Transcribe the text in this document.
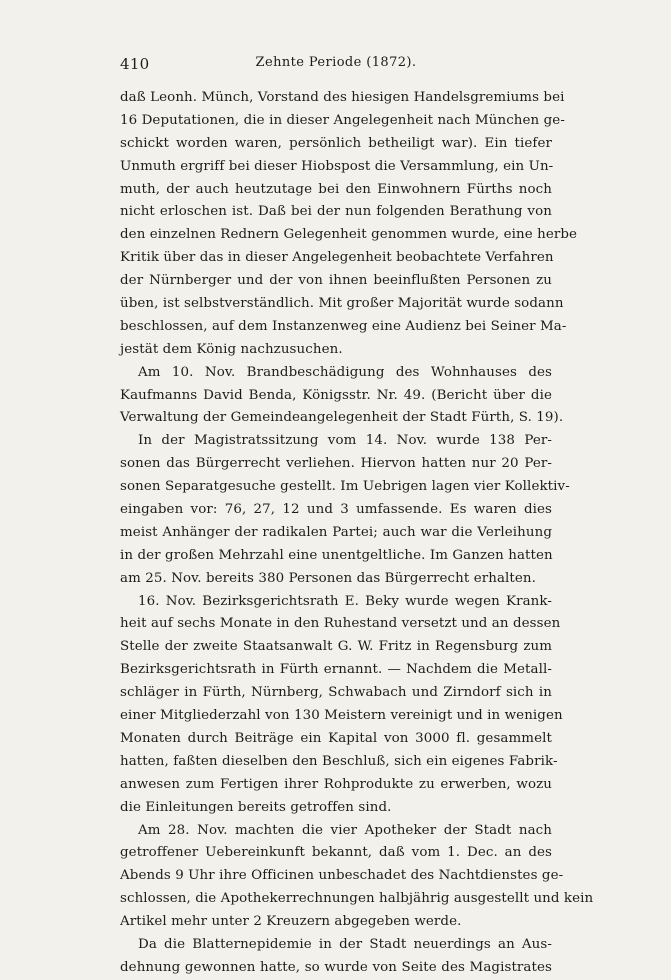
410	Zehnte Periode (1872).
daß Leonh. Münch, Vorstand des hiesigen Handelsgremiums bei
16 Deputationen, die in dieser Angelegenheit nach München ge-
schickt worden waren, persönlich betheiligt war). Ein tiefer
Unmuth ergriff bei dieser Hiobspost die Versammlung, ein Un-
muth, der auch heutzutage bei den Einwohnern Fürths noch
nicht erloschen ist. Daß bei der nun folgenden Berathung von
den einzelnen Rednern Gelegenheit genommen wurde, eine herbe
Kritik über das in dieser Angelegenheit beobachtete Verfahren
der Nürnberger und der von ihnen beeinflußten Personen zu
üben, ist selbstverständlich. Mit großer Majorität wurde sodann
beschlossen, auf dem Instanzenweg eine Audienz bei Seiner Ma-
jestät dem König nachzusuchen.
Am 10. Nov. Brandbeschädigung des Wohnhauses des
Kaufmanns David Benda, Königsstr. Nr. 49. (Bericht über die
Verwaltung der Gemeindeangelegenheit der Stadt Fürth, S. 19).
In der Magistratssitzung vom 14. Nov. wurde 138 Per-
sonen das Bürgerrecht verliehen. Hiervon hatten nur 20 Per-
sonen Separatgesuche gestellt. Im Uebrigen lagen vier Kollektiv-
eingaben vor: 76, 27, 12 und 3 umfassende. Es waren dies
meist Anhänger der radikalen Partei; auch war die Verleihung
in der großen Mehrzahl eine unentgeltliche. Im Ganzen hatten
am 25. Nov. bereits 380 Personen das Bürgerrecht erhalten.
16. Nov. Bezirksgerichtsrath E. Beky wurde wegen Krank-
heit auf sechs Monate in den Ruhestand versetzt und an dessen
Stelle der zweite Staatsanwalt G. W. Fritz in Regensburg zum
Bezirksgerichtsrath in Fürth ernannt. — Nachdem die Metall-
schläger in Fürth, Nürnberg, Schwabach und Zirndorf sich in
einer Mitgliederzahl von 130 Meistern vereinigt und in wenigen
Monaten durch Beiträge ein Kapital von 3000 fl. gesammelt
hatten, faßten dieselben den Beschluß, sich ein eigenes Fabrik-
anwesen zum Fertigen ihrer Rohprodukte zu erwerben, wozu
die Einleitungen bereits getroffen sind.
Am 28. Nov. machten die vier Apotheker der Stadt nach
getroffener Uebereinkunft bekannt, daß vom 1. Dec. an des
Abends 9 Uhr ihre Officinen unbeschadet des Nachtdienstes ge-
schlossen, die Apothekerrechnungen halbjährig ausgestellt und kein
Artikel mehr unter 2 Kreuzern abgegeben werde.
Da die Blatternepidemie in der Stadt neuerdings an Aus-
dehnung gewonnen hatte, so wurde von Seite des Magistrates
